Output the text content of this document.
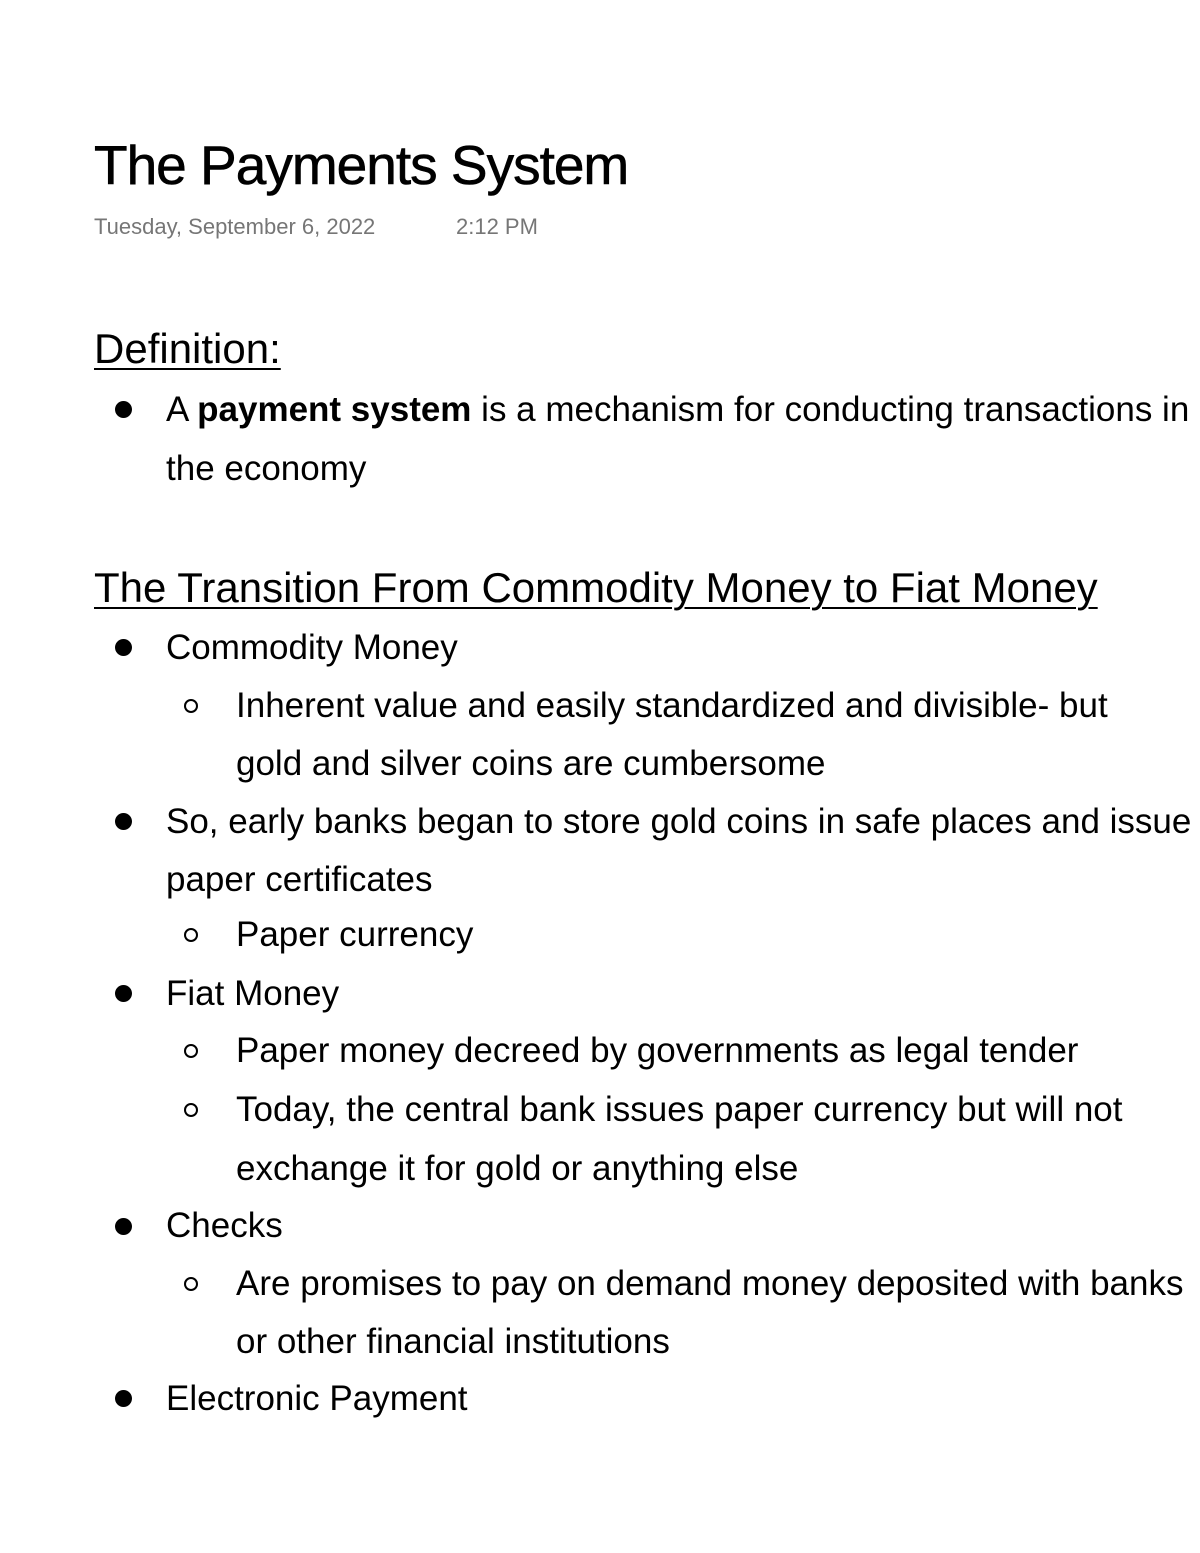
The Payments System
Tuesday, September 6, 2022	2:12 PM
Definition:
A payment system is a mechanism for conducting transactions in
the economy
The Transition From Commodity Money to Fiat Money
Commodity Money
Inherent value and easily standardized and divisible- but
gold and silver coins are cumbersome
So, early banks began to store gold coins in safe places and issue
paper certificates
Paper currency
Fiat Money
Paper money decreed by governments as legal tender
Today, the central bank issues paper currency but will not
exchange it for gold or anything else
Checks
Are promises to pay on demand money deposited with banks
or other financial institutions
Electronic Payment
